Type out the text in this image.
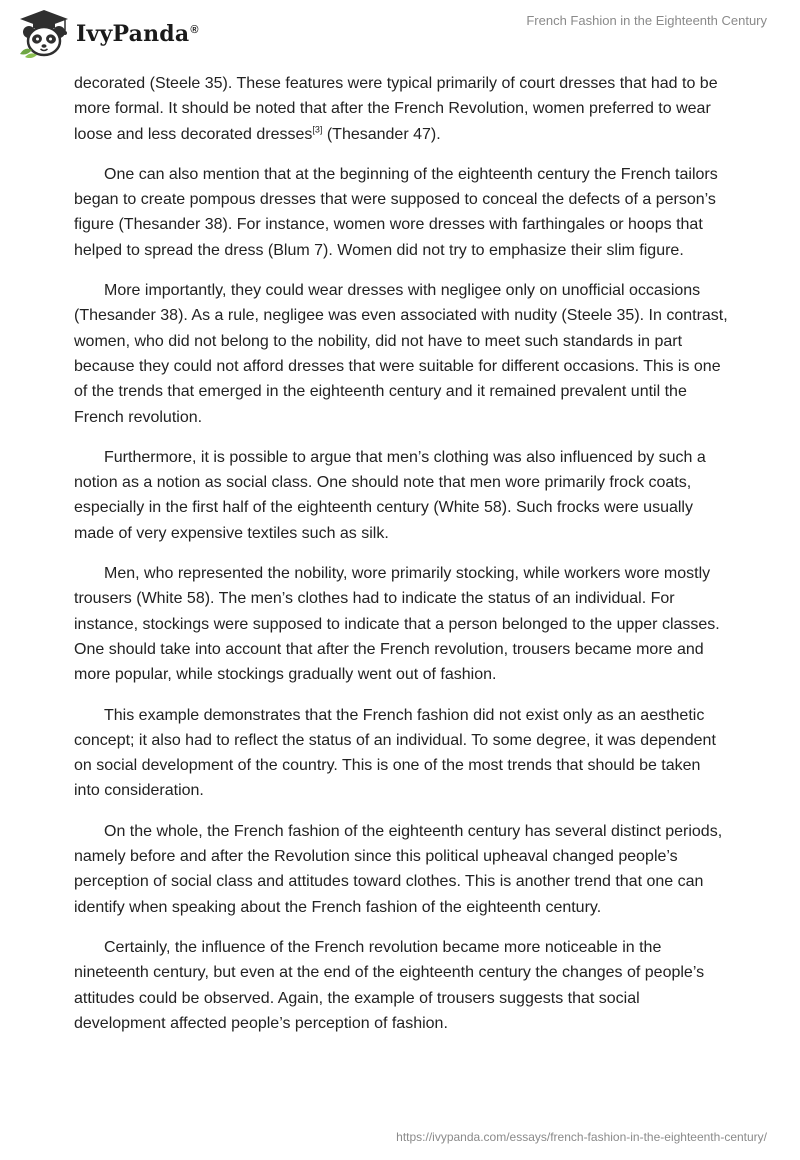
IvyPanda®
French Fashion in the Eighteenth Century

decorated (Steele 35). These features were typical primarily of court dresses that had to be more formal. It should be noted that after the French Revolution, women preferred to wear loose and less decorated dresses[3] (Thesander 47).

One can also mention that at the beginning of the eighteenth century the French tailors began to create pompous dresses that were supposed to conceal the defects of a person’s figure (Thesander 38). For instance, women wore dresses with farthingales or hoops that helped to spread the dress (Blum 7). Women did not try to emphasize their slim figure.

More importantly, they could wear dresses with negligee only on unofficial occasions (Thesander 38). As a rule, negligee was even associated with nudity (Steele 35). In contrast, women, who did not belong to the nobility, did not have to meet such standards in part because they could not afford dresses that were suitable for different occasions. This is one of the trends that emerged in the eighteenth century and it remained prevalent until the French revolution.

Furthermore, it is possible to argue that men’s clothing was also influenced by such a notion as a notion as social class. One should note that men wore primarily frock coats, especially in the first half of the eighteenth century (White 58). Such frocks were usually made of very expensive textiles such as silk.

Men, who represented the nobility, wore primarily stocking, while workers wore mostly trousers (White 58). The men’s clothes had to indicate the status of an individual. For instance, stockings were supposed to indicate that a person belonged to the upper classes. One should take into account that after the French revolution, trousers became more and more popular, while stockings gradually went out of fashion.

This example demonstrates that the French fashion did not exist only as an aesthetic concept; it also had to reflect the status of an individual. To some degree, it was dependent on social development of the country. This is one of the most trends that should be taken into consideration.

On the whole, the French fashion of the eighteenth century has several distinct periods, namely before and after the Revolution since this political upheaval changed people’s perception of social class and attitudes toward clothes. This is another trend that one can identify when speaking about the French fashion of the eighteenth century.

Certainly, the influence of the French revolution became more noticeable in the nineteenth century, but even at the end of the eighteenth century the changes of people’s attitudes could be observed. Again, the example of trousers suggests that social development affected people’s perception of fashion.

https://ivypanda.com/essays/french-fashion-in-the-eighteenth-century/
